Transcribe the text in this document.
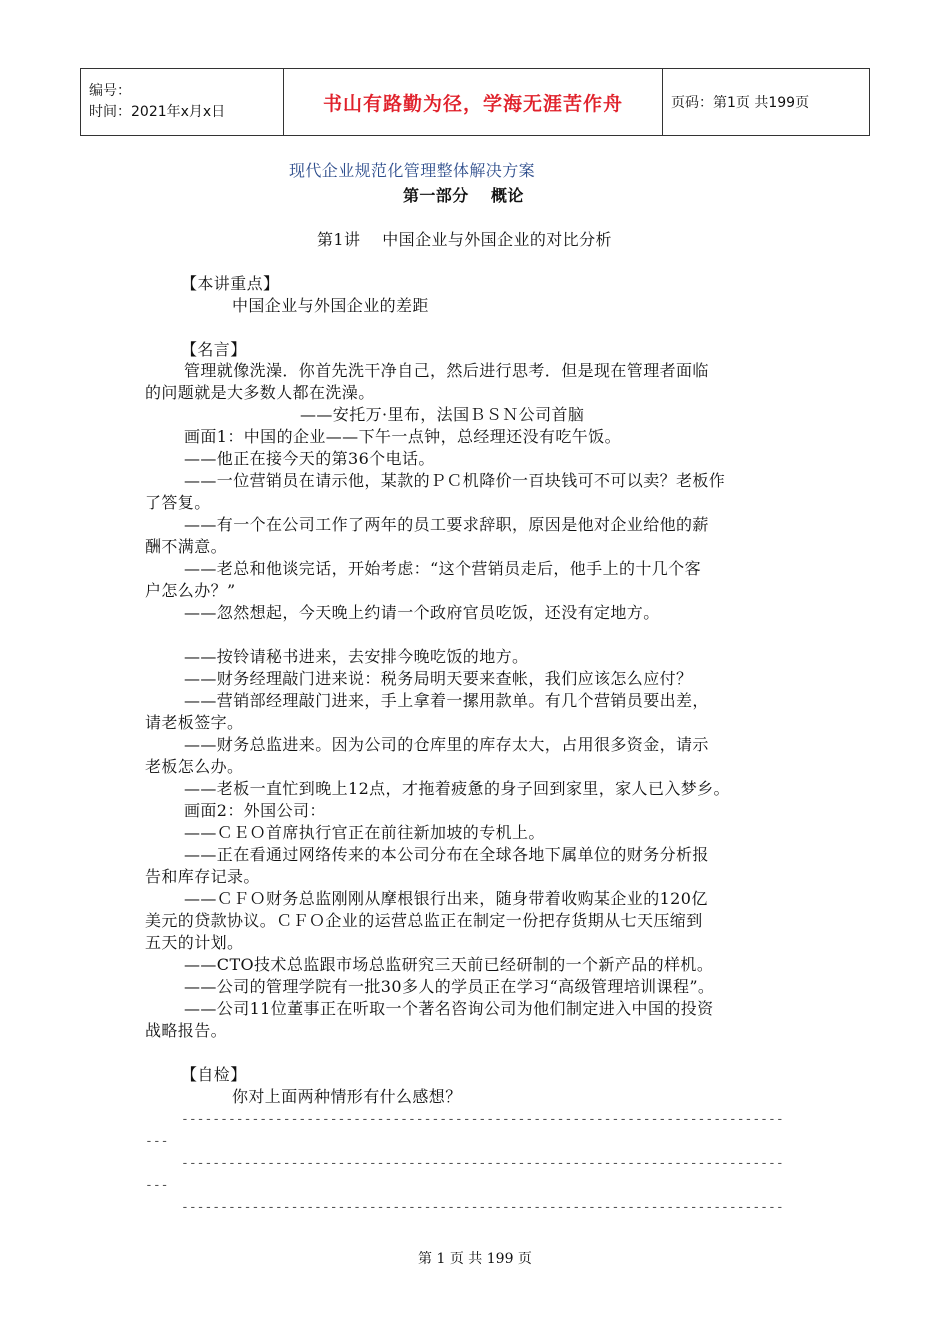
编号：
时间：2021年x月x日	书山有路勤为径，学海无涯苦作舟	页码：第1页 共199页
现代企业规范化管理整体解决方案
第一部分　 概论
第1讲　 中国企业与外国企业的对比分析
【本讲重点】
中国企业与外国企业的差距
【名言】
管理就像洗澡．你首先洗干净自己，然后进行思考．但是现在管理者面临
的问题就是大多数人都在洗澡。
——安托万·里布，法国ＢＳＮ公司首脑
画面1：中国的企业——下午一点钟，总经理还没有吃午饭。
——他正在接今天的第36个电话。
——一位营销员在请示他，某款的ＰＣ机降价一百块钱可不可以卖？老板作
了答复。
——有一个在公司工作了两年的员工要求辞职，原因是他对企业给他的薪
酬不满意。
——老总和他谈完话，开始考虑：“这个营销员走后，他手上的十几个客
户怎么办？”
——忽然想起，今天晚上约请一个政府官员吃饭，还没有定地方。
——按铃请秘书进来，去安排今晚吃饭的地方。
——财务经理敲门进来说：税务局明天要来查帐，我们应该怎么应付？
——营销部经理敲门进来，手上拿着一摞用款单。有几个营销员要出差，
请老板签字。
——财务总监进来。因为公司的仓库里的库存太大，占用很多资金，请示
老板怎么办。
——老板一直忙到晚上12点，才拖着疲惫的身子回到家里，家人已入梦乡。
画面2：外国公司：
——ＣＥＯ首席执行官正在前往新加坡的专机上。
——正在看通过网络传来的本公司分布在全球各地下属单位的财务分析报
告和库存记录。
——ＣＦＯ财务总监刚刚从摩根银行出来，随身带着收购某企业的120亿
美元的贷款协议。ＣＦＯ企业的运营总监正在制定一份把存货期从七天压缩到
五天的计划。
——CTO技术总监跟市场总监研究三天前已经研制的一个新产品的样机。
——公司的管理学院有一批30多人的学员正在学习“高级管理培训课程”。
——公司11位董事正在听取一个著名咨询公司为他们制定进入中国的投资
战略报告。
【自检】
你对上面两种情形有什么感想？
-----------------------------------------------------------------------------
---
-----------------------------------------------------------------------------
---
-----------------------------------------------------------------------------
第 1 页 共 199 页
